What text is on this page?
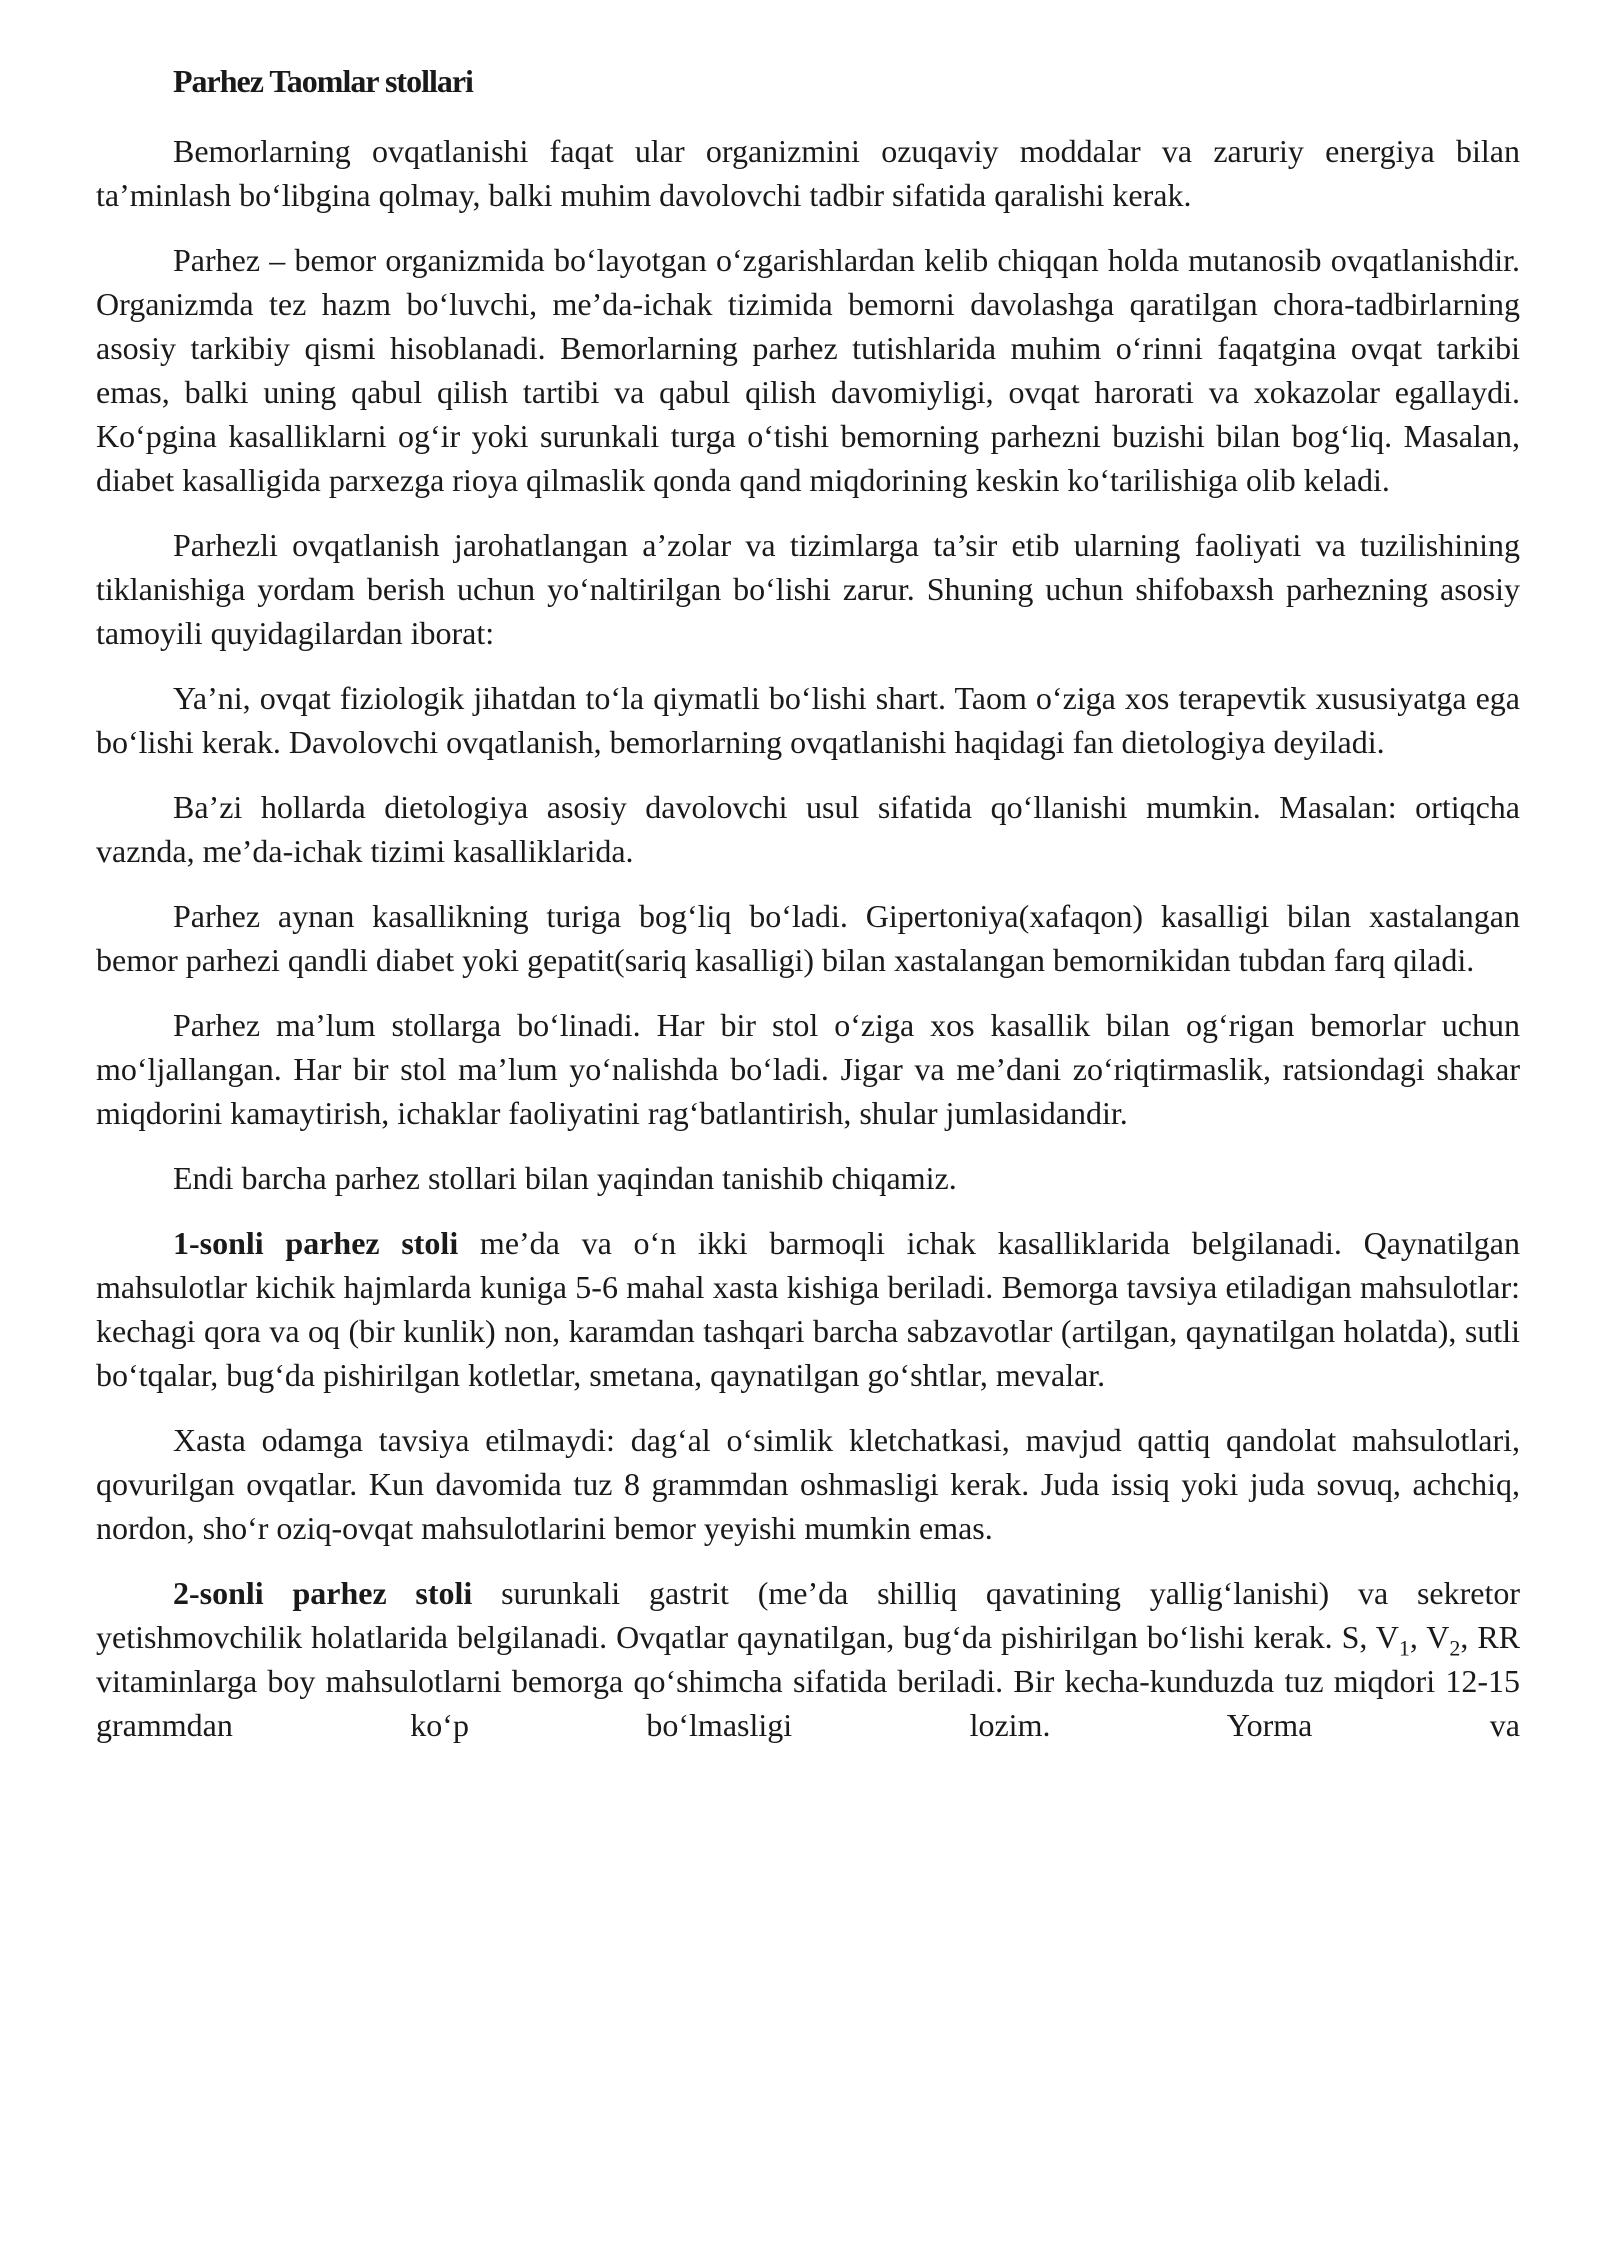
Parhez Taomlar stollari

Bemorlarning ovqatlanishi faqat ular organizmini ozuqaviy moddalar va zaruriy energiya bilan ta’minlash bo‘libgina qolmay, balki muhim davolovchi tadbir sifatida qaralishi kerak.

Parhez – bemor organizmida bo‘layotgan o‘zgarishlardan kelib chiqqan holda mutanosib ovqatlanishdir. Organizmda tez hazm bo‘luvchi, me’da-ichak tizimida bemorni davolashga qaratilgan chora-tadbirlarning asosiy tarkibiy qismi hisoblanadi. Bemorlarning parhez tutishlarida muhim o‘rinni faqatgina ovqat tarkibi emas, balki uning qabul qilish tartibi va qabul qilish davomiyligi, ovqat harorati va xokazolar egallaydi. Ko‘pgina kasalliklarni og‘ir yoki surunkali turga o‘tishi bemorning parhezni buzishi bilan bog‘liq. Masalan, diabet kasalligida parxezga rioya qilmaslik qonda qand miqdorining keskin ko‘tarilishiga olib keladi.

Parhezli ovqatlanish jarohatlangan a’zolar va tizimlarga ta’sir etib ularning faoliyati va tuzilishining tiklanishiga yordam berish uchun yo‘naltirilgan bo‘lishi zarur. Shuning uchun shifobaxsh parhezning asosiy tamoyili quyidagilardan iborat:

Ya’ni, ovqat fiziologik jihatdan to‘la qiymatli bo‘lishi shart. Taom o‘ziga xos terapevtik xususiyatga ega bo‘lishi kerak. Davolovchi ovqatlanish, bemorlarning ovqatlanishi haqidagi fan dietologiya deyiladi.

Ba’zi hollarda dietologiya asosiy davolovchi usul sifatida qo‘llanishi mumkin. Masalan: ortiqcha vaznda, me’da-ichak tizimi kasalliklarida.

Parhez aynan kasallikning turiga bog‘liq bo‘ladi. Gipertoniya(xafaqon) kasalligi bilan xastalangan bemor parhezi qandli diabet yoki gepatit(sariq kasalligi) bilan xastalangan bemornikidan tubdan farq qiladi.

Parhez ma’lum stollarga bo‘linadi. Har bir stol o‘ziga xos kasallik bilan og‘rigan bemorlar uchun mo‘ljallangan. Har bir stol ma’lum yo‘nalishda bo‘ladi. Jigar va me’dani zo‘riqtirmaslik, ratsiondagi shakar miqdorini kamaytirish, ichaklar faoliyatini rag‘batlantirish, shular jumlasidandir.

Endi barcha parhez stollari bilan yaqindan tanishib chiqamiz.

1-sonli parhez stoli me’da va o‘n ikki barmoqli ichak kasalliklarida belgilanadi. Qaynatilgan mahsulotlar kichik hajmlarda kuniga 5-6 mahal xasta kishiga beriladi. Bemorga tavsiya etiladigan mahsulotlar: kechagi qora va oq (bir kunlik) non, karamdan tashqari barcha sabzavotlar (artilgan, qaynatilgan holatda), sutli bo‘tqalar, bug‘da pishirilgan kotletlar, smetana, qaynatilgan go‘shtlar, mevalar.

Xasta odamga tavsiya etilmaydi: dag‘al o‘simlik kletchatkasi, mavjud qattiq qandolat mahsulotlari, qovurilgan ovqatlar. Kun davomida tuz 8 grammdan oshmasligi kerak. Juda issiq yoki juda sovuq, achchiq, nordon, sho‘r oziq-ovqat mahsulotlarini bemor yeyishi mumkin emas.

2-sonli parhez stoli surunkali gastrit (me’da shilliq qavatining yallig‘lanishi) va sekretor yetishmovchilik holatlarida belgilanadi. Ovqatlar qaynatilgan, bug‘da pishirilgan bo‘lishi kerak. S, $V_1$, $V_2$, RR vitaminlarga boy mahsulotlarni bemorga qo‘shimcha sifatida beriladi. Bir kecha-kunduzda tuz miqdori 12-15 grammdan ko‘p bo‘lmasligi lozim. Yorma va
